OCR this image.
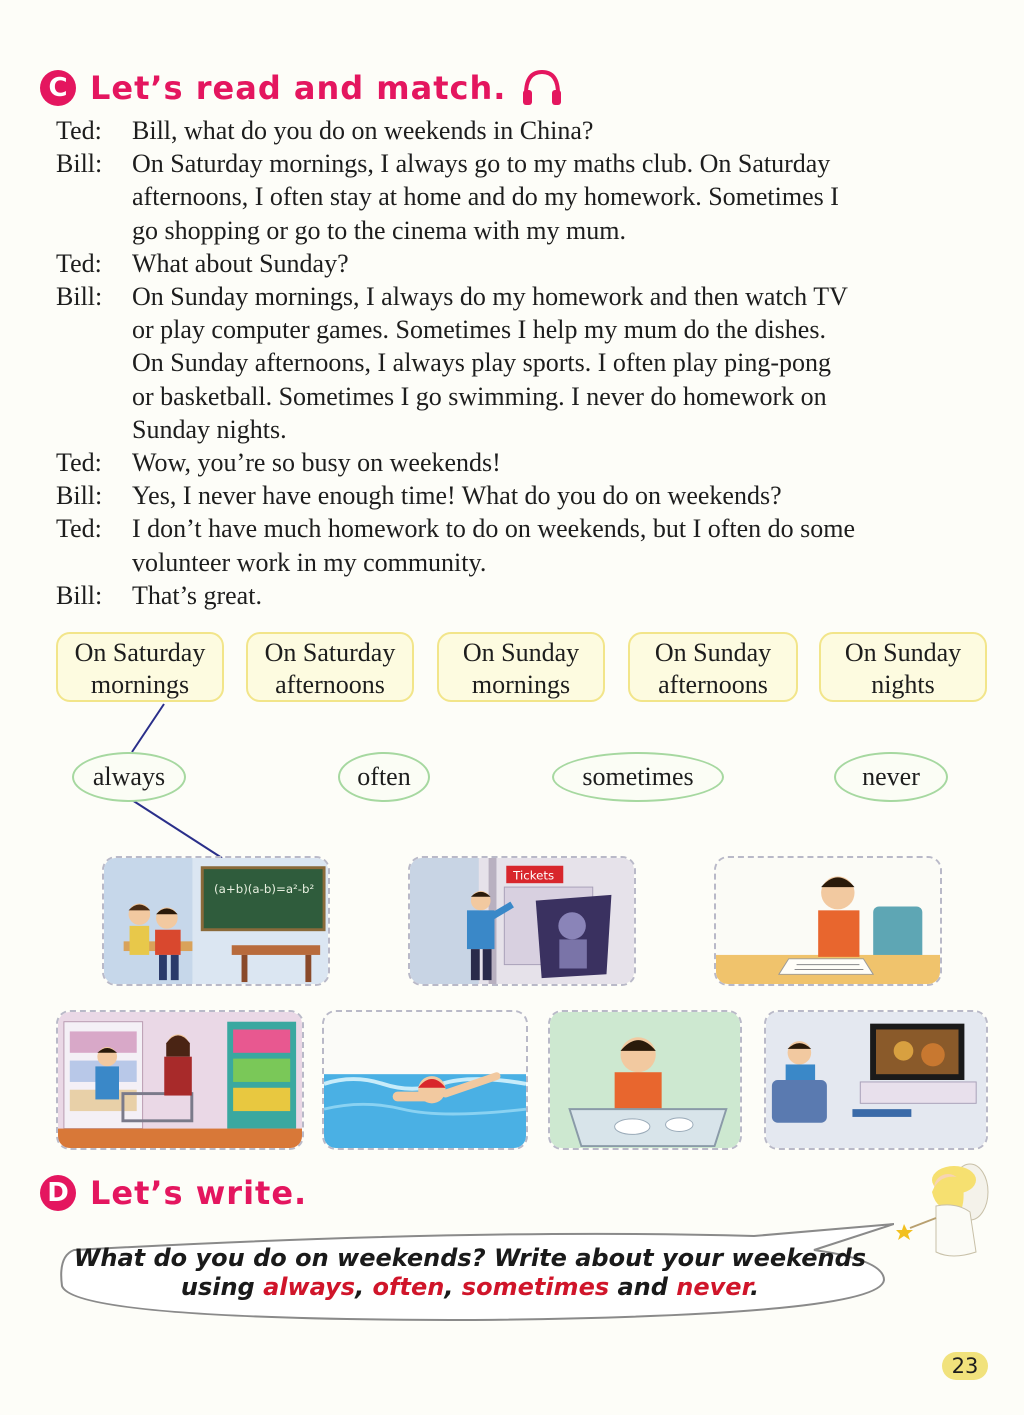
C Let’s read and match.
Ted:	Bill, what do you do on weekends in China?
Bill:	On Saturday mornings, I always go to my maths club. On Saturday
afternoons, I often stay at home and do my homework. Sometimes I
go shopping or go to the cinema with my mum.
Ted:	What about Sunday?
Bill:	On Sunday mornings, I always do my homework and then watch TV
or play computer games. Sometimes I help my mum do the dishes.
On Sunday afternoons, I always play sports. I often play ping-pong
or basketball. Sometimes I go swimming. I never do homework on
Sunday nights.
Ted:	Wow, you’re so busy on weekends!
Bill:	Yes, I never have enough time! What do you do on weekends?
Ted:	I don’t have much homework to do on weekends, but I often do some
volunteer work in my community.
Bill:	That’s great.
On Saturday
mornings
On Saturday
afternoons
On Sunday
mornings
On Sunday
afternoons
On Sunday
nights
always	often	sometimes	never
(a+b)(a-b)=a²-b²
Tickets
D Let’s write.
What do you do on weekends? Write about your weekends
using always, often, sometimes and never.
23
